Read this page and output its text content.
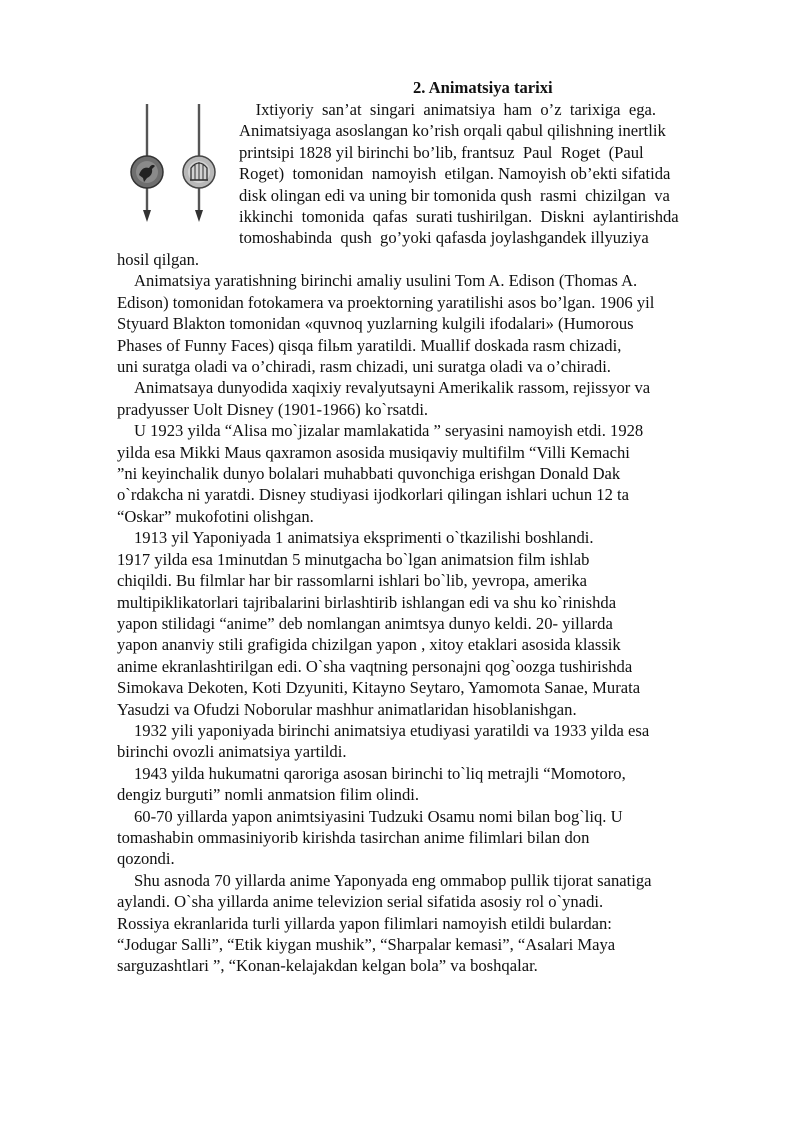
2. Animatsiya tarixi
Ixtiyoriy  san’at  singari  animatsiya  ham  o’z  tarixiga  ega.
Animatsiyaga asoslangan ko’rish orqali qabul qilishning inertlik
printsipi 1828 yil birinchi bo’lib, frantsuz  Paul  Roget  (Paul
Roget)  tomonidan  namoyish  etilgan. Namoyish ob’ekti sifatida
disk olingan edi va uning bir tomonida qush  rasmi  chizilgan  va
ikkinchi  tomonida  qafas  surati tushirilgan.  Diskni  aylantirishda
tomoshabinda  qush  go’yoki qafasda joylashgandek illyuziya
hosil qilgan.
Animatsiya yaratishning birinchi amaliy usulini Tom A. Edison (Thomas A.
Edison) tomonidan fotokamera va proektorning yaratilishi asos bo’lgan. 1906 yil
Styuard Blakton tomonidan «quvnoq yuzlarning kulgili ifodalari» (Humorous
Phases of Funny Faces) qisqa filьm yaratildi. Muallif doskada rasm chizadi,
uni suratga oladi va o’chiradi, rasm chizadi, uni suratga oladi va o’chiradi.
Animatsaya dunyodida xaqixiy revalyutsayni Amerikalik rassom, rejissyor va
pradyusser Uolt Disney (1901-1966) ko`rsatdi.
U 1923 yilda “Alisa mo`jizalar mamlakatida ” seryasini namoyish etdi. 1928
yilda esa Mikki Maus qaxramon asosida musiqaviy multifilm “Villi Kemachi
”ni keyinchalik dunyo bolalari muhabbati quvonchiga erishgan Donald Dak
o`rdakcha ni yaratdi. Disney studiyasi ijodkorlari qilingan ishlari uchun 12 ta
“Oskar” mukofotini olishgan.
1913 yil Yaponiyada 1 animatsiya eksprimenti o`tkazilishi boshlandi.
1917 yilda esa 1minutdan 5 minutgacha bo`lgan animatsion film ishlab
chiqildi. Bu filmlar har bir rassomlarni ishlari bo`lib, yevropa, amerika
multipiklikatorlari tajribalarini birlashtirib ishlangan edi va shu ko`rinishda
yapon stilidagi “anime” deb nomlangan animtsya dunyo keldi. 20- yillarda
yapon ananviy stili grafigida chizilgan yapon , xitoy etaklari asosida klassik
anime ekranlashtirilgan edi. O`sha vaqtning personajni qog`oozga tushirishda
Simokava Dekoten, Koti Dzyuniti, Kitayno Seytaro, Yamomota Sanae, Murata
Yasudzi va Ofudzi Noborular mashhur animatlaridan hisoblanishgan.
1932 yili yaponiyada birinchi animatsiya etudiyasi yaratildi va 1933 yilda esa
birinchi ovozli animatsiya yartildi.
1943 yilda hukumatni qaroriga asosan birinchi to`liq metrajli “Momotoro,
dengiz burguti” nomli anmatsion filim olindi.
60-70 yillarda yapon animtsiyasini Tudzuki Osamu nomi bilan bog`liq. U
tomashabin ommasiniyorib kirishda tasirchan anime filimlari bilan don
qozondi.
Shu asnoda 70 yillarda anime Yaponyada eng ommabop pullik tijorat sanatiga
aylandi. O`sha yillarda anime televizion serial sifatida asosiy rol o`ynadi.
Rossiya ekranlarida turli yillarda yapon filimlari namoyish etildi bulardan:
“Jodugar Salli”, “Etik kiygan mushik”, “Sharpalar kemasi”, “Asalari Maya
sarguzashtlari ”, “Konan-kelajakdan kelgan bola” va boshqalar.
